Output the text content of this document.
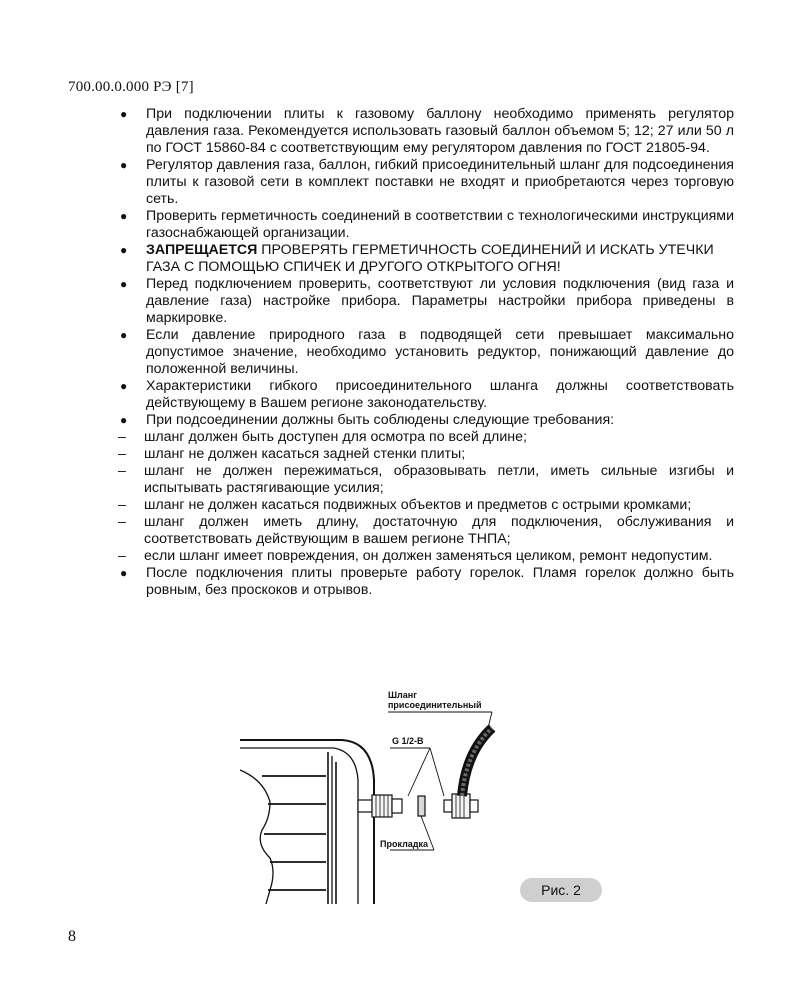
700.00.0.000 РЭ [7]
● При подключении плиты к газовому баллону необходимо применять регулятор давления газа. Рекомендуется использовать газовый баллон объемом 5; 12; 27 или 50 л по ГОСТ 15860-84 с соответствующим ему регулятором давления по ГОСТ 21805-94.
● Регулятор давления газа, баллон, гибкий присоединительный шланг для подсоединения плиты к газовой сети в комплект поставки не входят и приобретаются через торговую сеть.
● Проверить герметичность соединений в соответствии с технологическими инструкциями газоснабжающей организации.
● ЗАПРЕЩАЕТСЯ ПРОВЕРЯТЬ ГЕРМЕТИЧНОСТЬ СОЕДИНЕНИЙ И ИСКАТЬ УТЕЧКИ ГАЗА С ПОМОЩЬЮ СПИЧЕК И ДРУГОГО ОТКРЫТОГО ОГНЯ!
● Перед подключением проверить, соответствуют ли условия подключения (вид газа и давление газа) настройке прибора. Параметры настройки прибора приведены в маркировке.
● Если давление природного газа в подводящей сети превышает максимально допустимое значение, необходимо установить редуктор, понижающий давление до положенной величины.
● Характеристики гибкого присоединительного шланга должны соответствовать действующему в Вашем регионе законодательству.
● При подсоединении должны быть соблюдены следующие требования:
– шланг должен быть доступен для осмотра по всей длине;
– шланг не должен касаться задней стенки плиты;
– шланг не должен пережиматься, образовывать петли, иметь сильные изгибы и испытывать растягивающие усилия;
– шланг не должен касаться подвижных объектов и предметов с острыми кромками;
– шланг должен иметь длину, достаточную для подключения, обслуживания и соответствовать действующим в вашем регионе ТНПА;
– если шланг имеет повреждения, он должен заменяться целиком, ремонт недопустим.
● После подключения плиты проверьте работу горелок. Пламя горелок должно быть ровным, без проскоков и отрывов.
Шланг
присоединительный
G 1/2-B
Прокладка
Рис. 2
8
